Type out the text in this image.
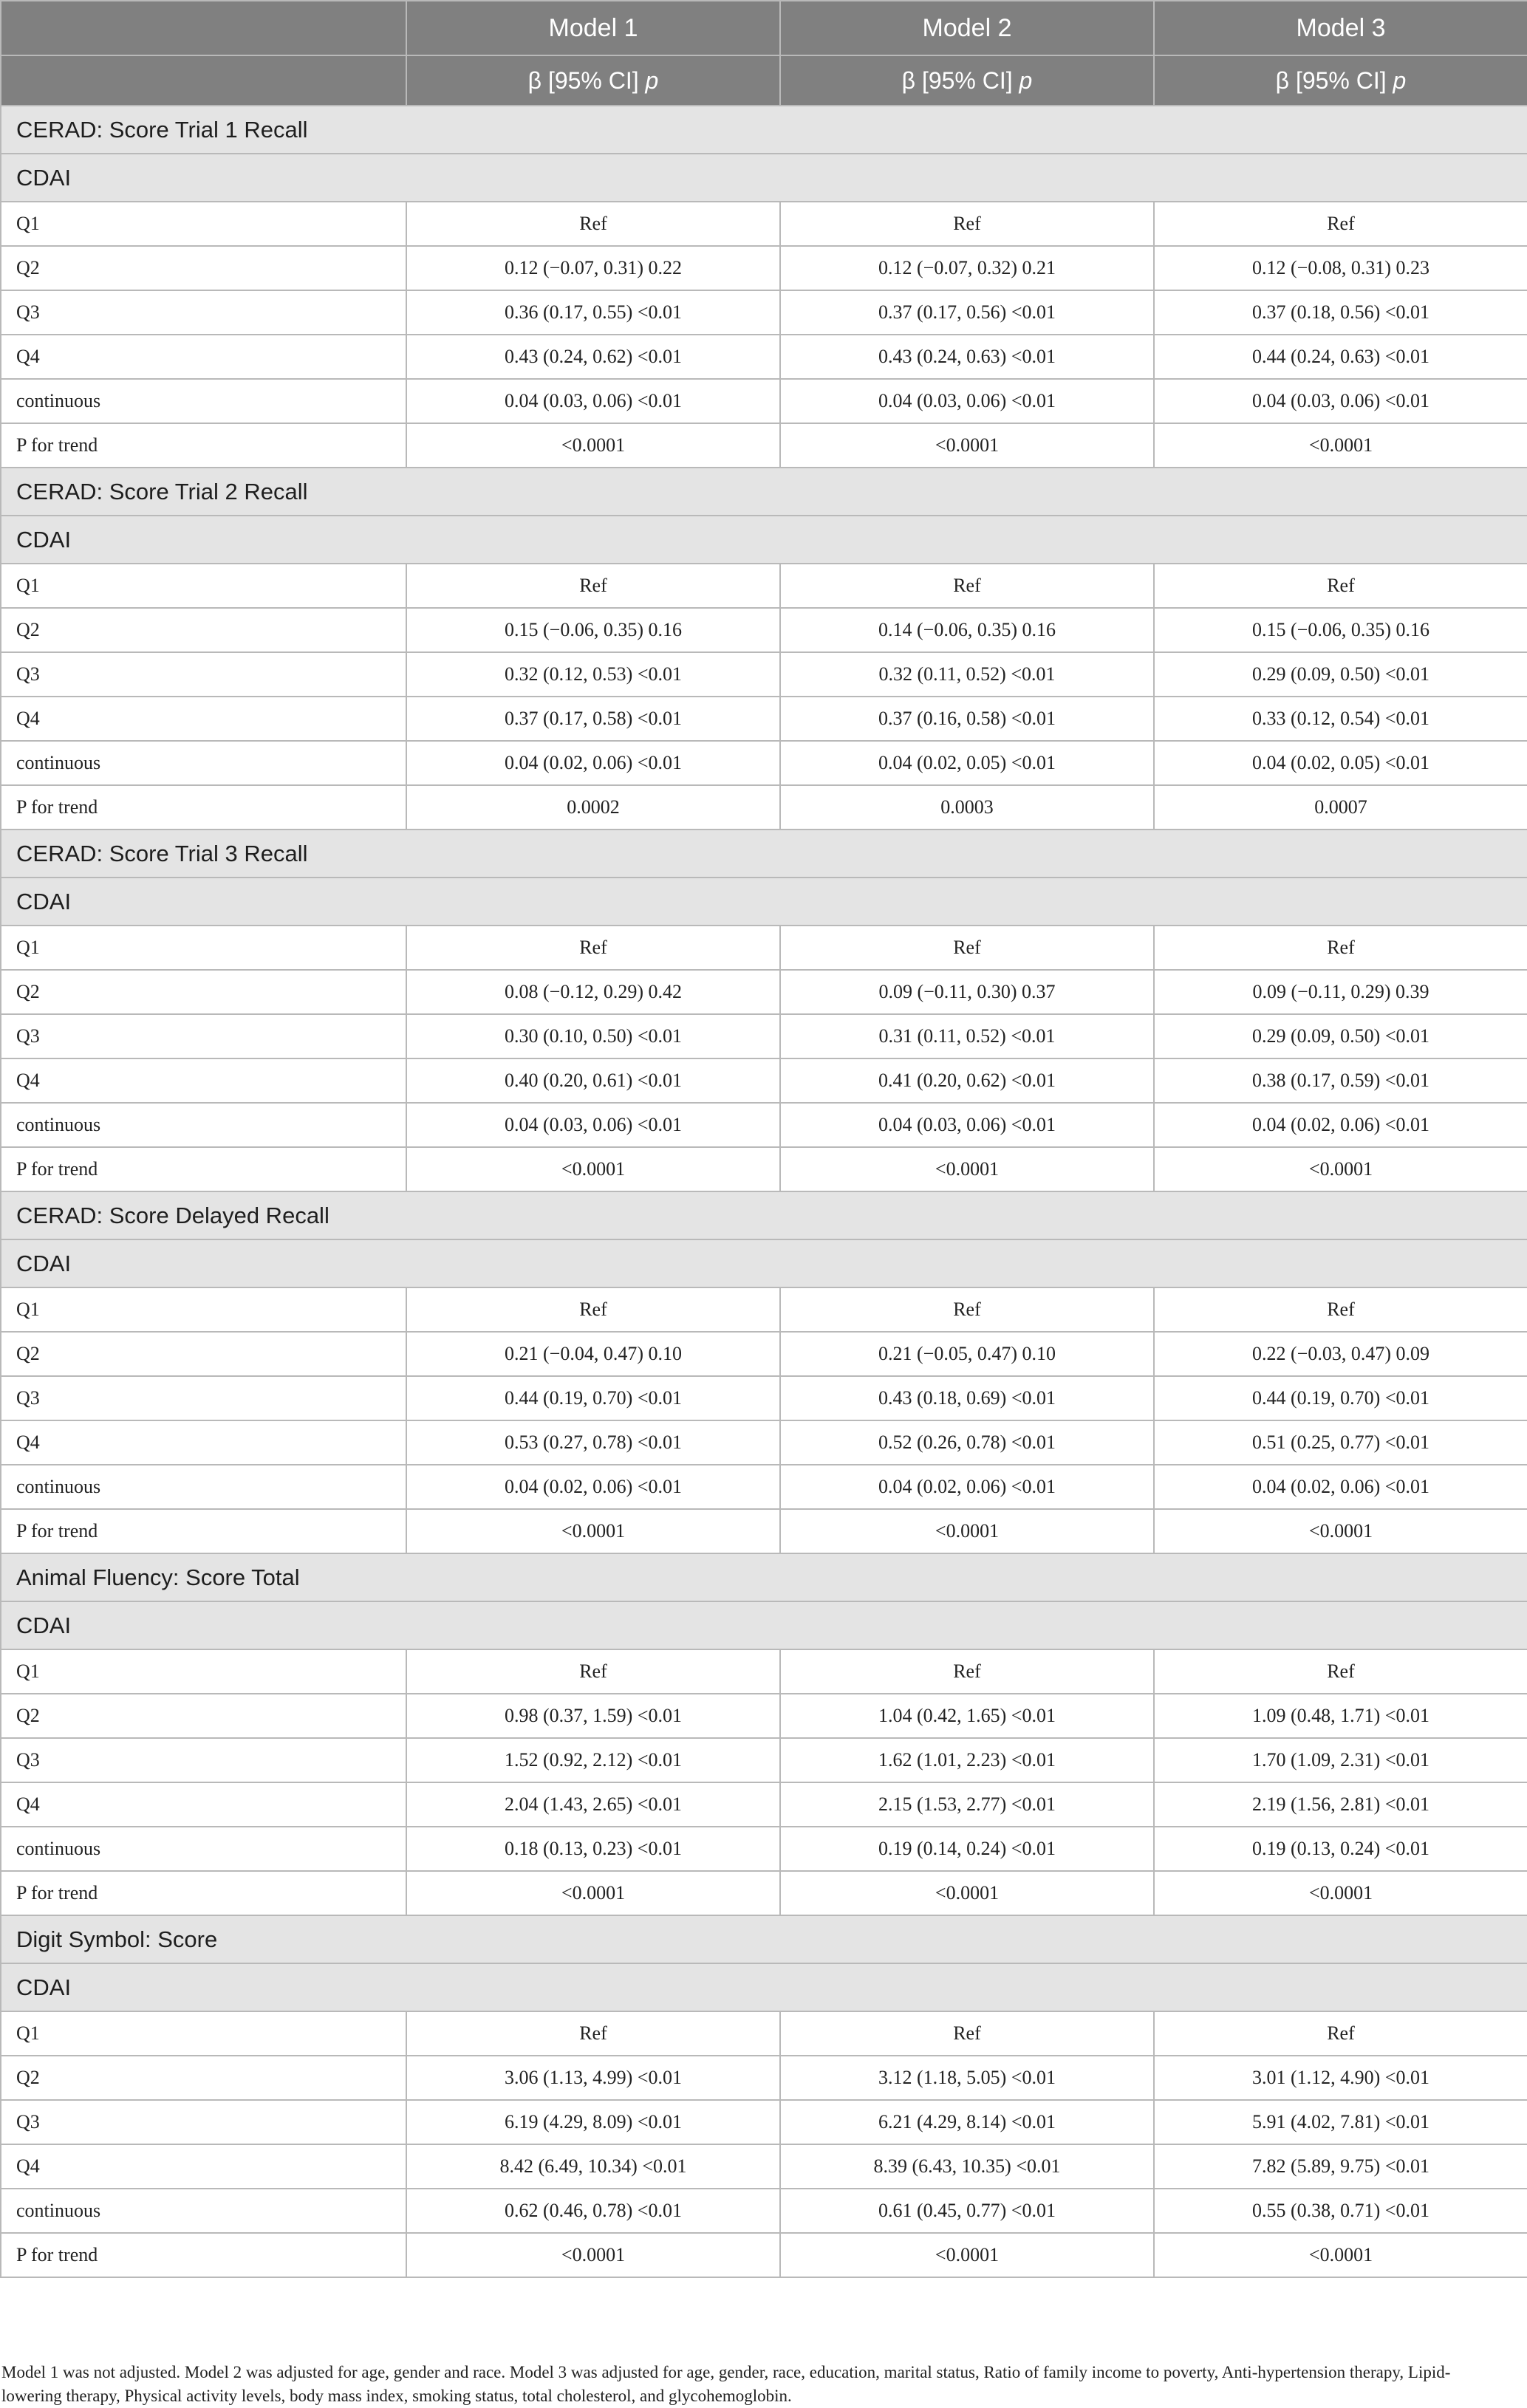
	Model 1	Model 2	Model 3
	β [95% CI] p	β [95% CI] p	β [95% CI] p
CERAD: Score Trial 1 Recall			
CDAI			
Q1	Ref	Ref	Ref
Q2	0.12 (−0.07, 0.31) 0.22	0.12 (−0.07, 0.32) 0.21	0.12 (−0.08, 0.31) 0.23
Q3	0.36 (0.17, 0.55) <0.01	0.37 (0.17, 0.56) <0.01	0.37 (0.18, 0.56) <0.01
Q4	0.43 (0.24, 0.62) <0.01	0.43 (0.24, 0.63) <0.01	0.44 (0.24, 0.63) <0.01
continuous	0.04 (0.03, 0.06) <0.01	0.04 (0.03, 0.06) <0.01	0.04 (0.03, 0.06) <0.01
P for trend	<0.0001	<0.0001	<0.0001
CERAD: Score Trial 2 Recall			
CDAI			
Q1	Ref	Ref	Ref
Q2	0.15 (−0.06, 0.35) 0.16	0.14 (−0.06, 0.35) 0.16	0.15 (−0.06, 0.35) 0.16
Q3	0.32 (0.12, 0.53) <0.01	0.32 (0.11, 0.52) <0.01	0.29 (0.09, 0.50) <0.01
Q4	0.37 (0.17, 0.58) <0.01	0.37 (0.16, 0.58) <0.01	0.33 (0.12, 0.54) <0.01
continuous	0.04 (0.02, 0.06) <0.01	0.04 (0.02, 0.05) <0.01	0.04 (0.02, 0.05) <0.01
P for trend	0.0002	0.0003	0.0007
CERAD: Score Trial 3 Recall			
CDAI			
Q1	Ref	Ref	Ref
Q2	0.08 (−0.12, 0.29) 0.42	0.09 (−0.11, 0.30) 0.37	0.09 (−0.11, 0.29) 0.39
Q3	0.30 (0.10, 0.50) <0.01	0.31 (0.11, 0.52) <0.01	0.29 (0.09, 0.50) <0.01
Q4	0.40 (0.20, 0.61) <0.01	0.41 (0.20, 0.62) <0.01	0.38 (0.17, 0.59) <0.01
continuous	0.04 (0.03, 0.06) <0.01	0.04 (0.03, 0.06) <0.01	0.04 (0.02, 0.06) <0.01
P for trend	<0.0001	<0.0001	<0.0001
CERAD: Score Delayed Recall			
CDAI			
Q1	Ref	Ref	Ref
Q2	0.21 (−0.04, 0.47) 0.10	0.21 (−0.05, 0.47) 0.10	0.22 (−0.03, 0.47) 0.09
Q3	0.44 (0.19, 0.70) <0.01	0.43 (0.18, 0.69) <0.01	0.44 (0.19, 0.70) <0.01
Q4	0.53 (0.27, 0.78) <0.01	0.52 (0.26, 0.78) <0.01	0.51 (0.25, 0.77) <0.01
continuous	0.04 (0.02, 0.06) <0.01	0.04 (0.02, 0.06) <0.01	0.04 (0.02, 0.06) <0.01
P for trend	<0.0001	<0.0001	<0.0001
Animal Fluency: Score Total			
CDAI			
Q1	Ref	Ref	Ref
Q2	0.98 (0.37, 1.59) <0.01	1.04 (0.42, 1.65) <0.01	1.09 (0.48, 1.71) <0.01
Q3	1.52 (0.92, 2.12) <0.01	1.62 (1.01, 2.23) <0.01	1.70 (1.09, 2.31) <0.01
Q4	2.04 (1.43, 2.65) <0.01	2.15 (1.53, 2.77) <0.01	2.19 (1.56, 2.81) <0.01
continuous	0.18 (0.13, 0.23) <0.01	0.19 (0.14, 0.24) <0.01	0.19 (0.13, 0.24) <0.01
P for trend	<0.0001	<0.0001	<0.0001
Digit Symbol: Score			
CDAI			
Q1	Ref	Ref	Ref
Q2	3.06 (1.13, 4.99) <0.01	3.12 (1.18, 5.05) <0.01	3.01 (1.12, 4.90) <0.01
Q3	6.19 (4.29, 8.09) <0.01	6.21 (4.29, 8.14) <0.01	5.91 (4.02, 7.81) <0.01
Q4	8.42 (6.49, 10.34) <0.01	8.39 (6.43, 10.35) <0.01	7.82 (5.89, 9.75) <0.01
continuous	0.62 (0.46, 0.78) <0.01	0.61 (0.45, 0.77) <0.01	0.55 (0.38, 0.71) <0.01
P for trend	<0.0001	<0.0001	<0.0001

Model 1 was not adjusted. Model 2 was adjusted for age, gender and race. Model 3 was adjusted for age, gender, race, education, marital status, Ratio of family income to poverty, Anti-hypertension therapy, Lipid-lowering therapy, Physical activity levels, body mass index, smoking status, total cholesterol, and glycohemoglobin.
